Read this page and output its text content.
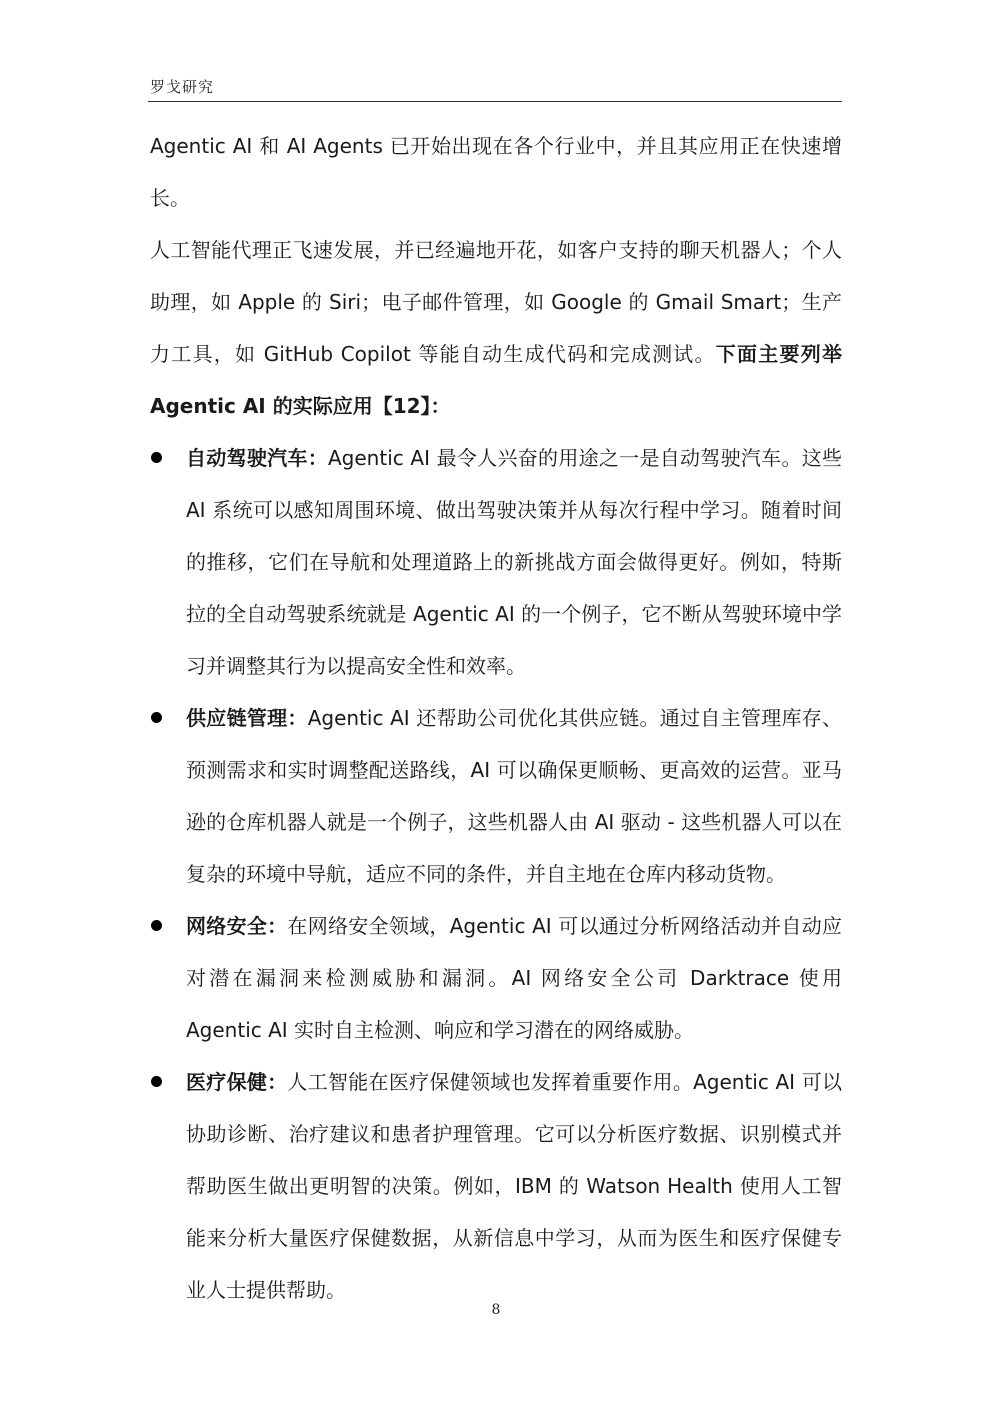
罗戈研究

Agentic AI 和 AI Agents 已开始出现在各个行业中，并且其应用正在快速增长。

人工智能代理正飞速发展，并已经遍地开花，如客户支持的聊天机器人；个人助理，如 Apple 的 Siri；电子邮件管理，如 Google 的 Gmail Smart；生产力工具，如 GitHub Copilot 等能自动生成代码和完成测试。下面主要列举 Agentic AI 的实际应用【12】：

自动驾驶汽车：Agentic AI 最令人兴奋的用途之一是自动驾驶汽车。这些 AI 系统可以感知周围环境、做出驾驶决策并从每次行程中学习。随着时间的推移，它们在导航和处理道路上的新挑战方面会做得更好。例如，特斯拉的全自动驾驶系统就是 Agentic AI 的一个例子，它不断从驾驶环境中学习并调整其行为以提高安全性和效率。
供应链管理：Agentic AI 还帮助公司优化其供应链。通过自主管理库存、预测需求和实时调整配送路线，AI 可以确保更顺畅、更高效的运营。亚马逊的仓库机器人就是一个例子，这些机器人由 AI 驱动 - 这些机器人可以在复杂的环境中导航，适应不同的条件，并自主地在仓库内移动货物。
网络安全：在网络安全领域，Agentic AI 可以通过分析网络活动并自动应对潜在漏洞来检测威胁和漏洞。AI 网络安全公司 Darktrace 使用 Agentic AI 实时自主检测、响应和学习潜在的网络威胁。
医疗保健：人工智能在医疗保健领域也发挥着重要作用。Agentic AI 可以协助诊断、治疗建议和患者护理管理。它可以分析医疗数据、识别模式并帮助医生做出更明智的决策。例如，IBM 的 Watson Health 使用人工智能来分析大量医疗保健数据，从新信息中学习，从而为医生和医疗保健专业人士提供帮助。
8
